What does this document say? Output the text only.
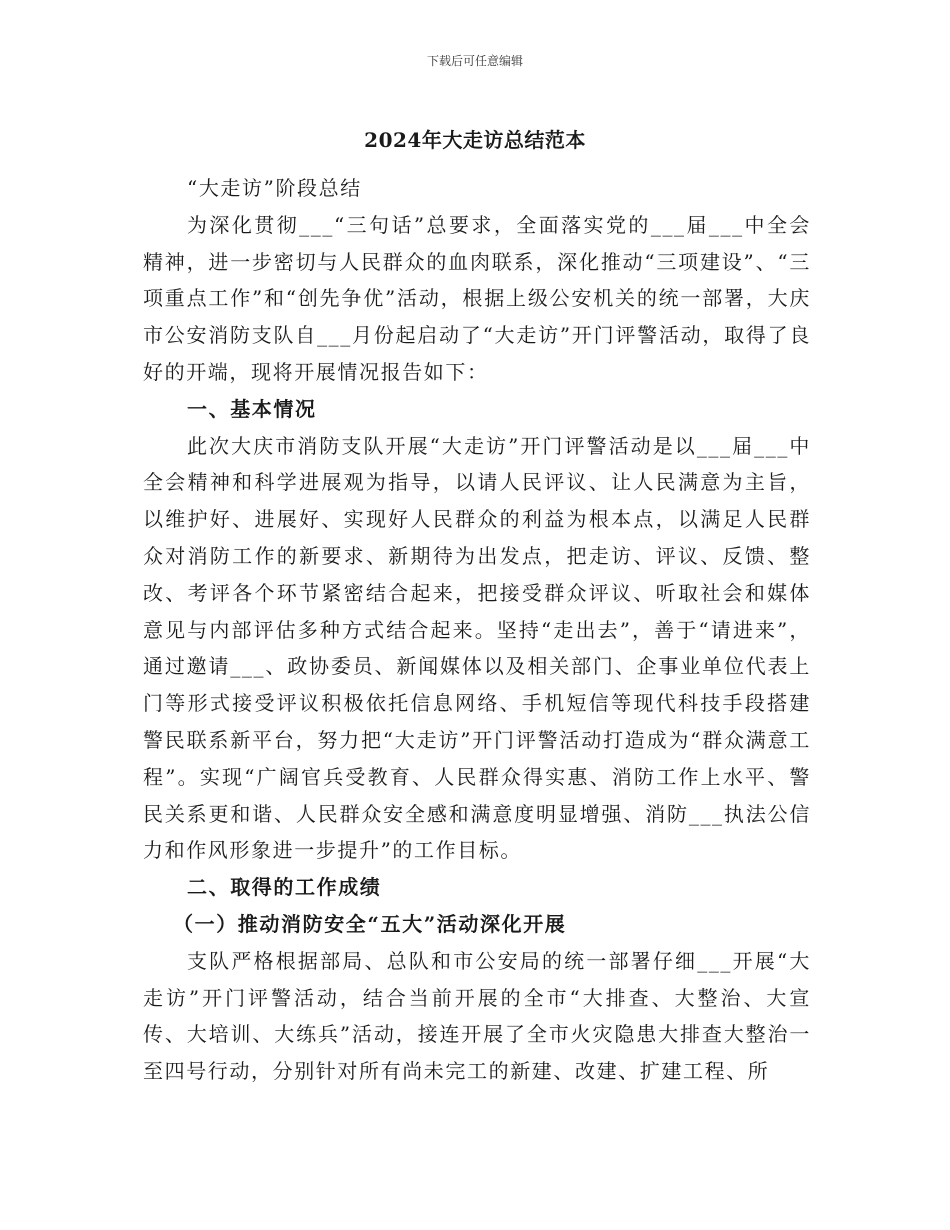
下载后可任意编辑
2024年大走访总结范本

“大走访”阶段总结

为深化贯彻___“三句话”总要求，全面落实党的___届___中全会精神，进一步密切与人民群众的血肉联系，深化推动“三项建设”、“三项重点工作”和“创先争优”活动，根据上级公安机关的统一部署，大庆市公安消防支队自___月份起启动了“大走访”开门评警活动，取得了良好的开端，现将开展情况报告如下：

一、基本情况

此次大庆市消防支队开展“大走访”开门评警活动是以___届___中全会精神和科学进展观为指导，以请人民评议、让人民满意为主旨，以维护好、进展好、实现好人民群众的利益为根本点，以满足人民群众对消防工作的新要求、新期待为出发点，把走访、评议、反馈、整改、考评各个环节紧密结合起来，把接受群众评议、听取社会和媒体意见与内部评估多种方式结合起来。坚持“走出去”，善于“请进来”，通过邀请___、政协委员、新闻媒体以及相关部门、企事业单位代表上门等形式接受评议积极依托信息网络、手机短信等现代科技手段搭建警民联系新平台，努力把“大走访”开门评警活动打造成为“群众满意工程”。实现“广阔官兵受教育、人民群众得实惠、消防工作上水平、警民关系更和谐、人民群众安全感和满意度明显增强、消防___执法公信力和作风形象进一步提升”的工作目标。

二、取得的工作成绩

（一）推动消防安全“五大”活动深化开展

支队严格根据部局、总队和市公安局的统一部署仔细___开展“大走访”开门评警活动，结合当前开展的全市“大排查、大整治、大宣传、大培训、大练兵”活动，接连开展了全市火灾隐患大排查大整治一至四号行动，分别针对所有尚未完工的新建、改建、扩建工程、所
